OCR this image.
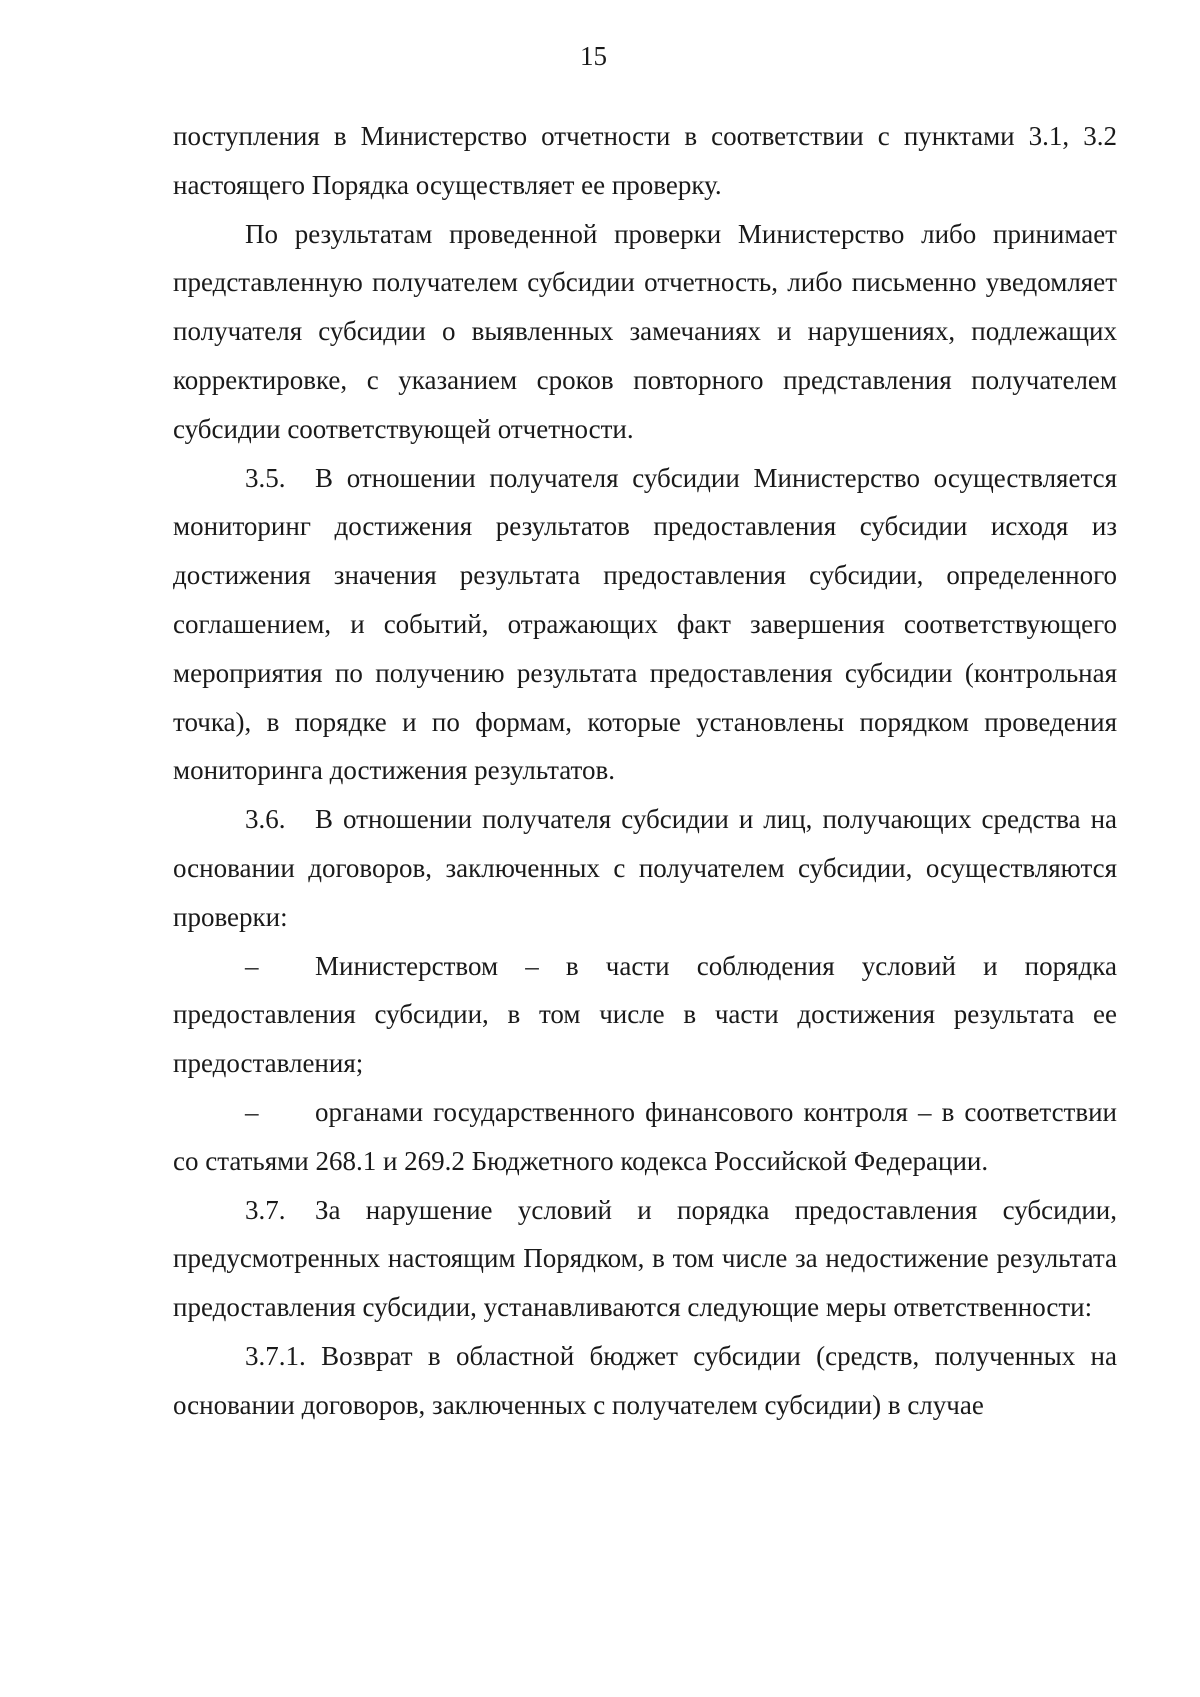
15

поступления в Министерство отчетности в соответствии с пунктами 3.1, 3.2 настоящего Порядка осуществляет ее проверку.

По результатам проведенной проверки Министерство либо принимает представленную получателем субсидии отчетность, либо письменно уведомляет получателя субсидии о выявленных замечаниях и нарушениях, подлежащих корректировке, с указанием сроков повторного представления получателем субсидии соответствующей отчетности.

3.5. В отношении получателя субсидии Министерство осуществляется мониторинг достижения результатов предоставления субсидии исходя из достижения значения результата предоставления субсидии, определенного соглашением, и событий, отражающих факт завершения соответствующего мероприятия по получению результата предоставления субсидии (контрольная точка), в порядке и по формам, которые установлены порядком проведения мониторинга достижения результатов.

3.6. В отношении получателя субсидии и лиц, получающих средства на основании договоров, заключенных с получателем субсидии, осуществляются проверки:

– Министерством – в части соблюдения условий и порядка предоставления субсидии, в том числе в части достижения результата ее предоставления;

– органами государственного финансового контроля – в соответствии со статьями 268.1 и 269.2 Бюджетного кодекса Российской Федерации.

3.7. За нарушение условий и порядка предоставления субсидии, предусмотренных настоящим Порядком, в том числе за недостижение результата предоставления субсидии, устанавливаются следующие меры ответственности:

3.7.1. Возврат в областной бюджет субсидии (средств, полученных на основании договоров, заключенных с получателем субсидии) в случае
